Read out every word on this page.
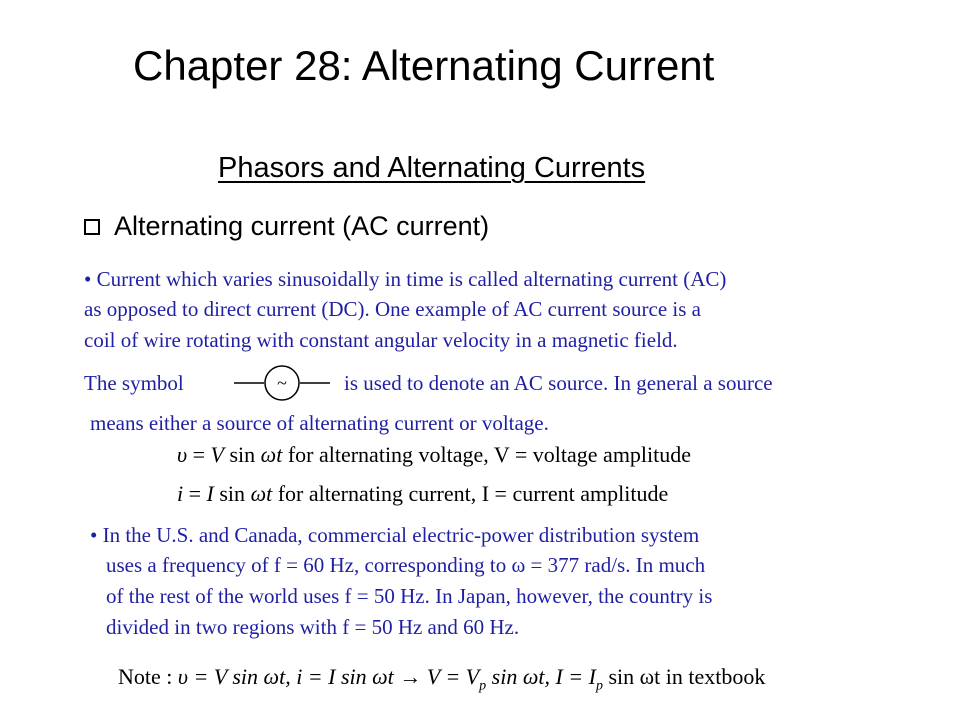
Chapter 28: Alternating Current
Phasors and Alternating Currents
Alternating current (AC current)
• Current which varies sinusoidally in time is called alternating current (AC)
as opposed to direct current (DC). One example of AC current source is a
coil of wire rotating with constant angular velocity in a magnetic field.
The symbol	~	is used to denote an AC source. In general a source
means either a source of alternating current or voltage.
υ = V sin ωt for alternating voltage, V = voltage amplitude
i = I sin ωt for alternating current, I = current amplitude
• In the U.S. and Canada, commercial electric-power distribution system
uses a frequency of f = 60 Hz, corresponding to ω = 377 rad/s. In much
of the rest of the world uses f = 50 Hz. In Japan, however, the country is
divided in two regions with f = 50 Hz and 60 Hz.
Note : υ = V sin ωt, i = I $\sin \omega t \to V = V_p$ sin ωt, $I = I_p$ sin ωt in textbook
